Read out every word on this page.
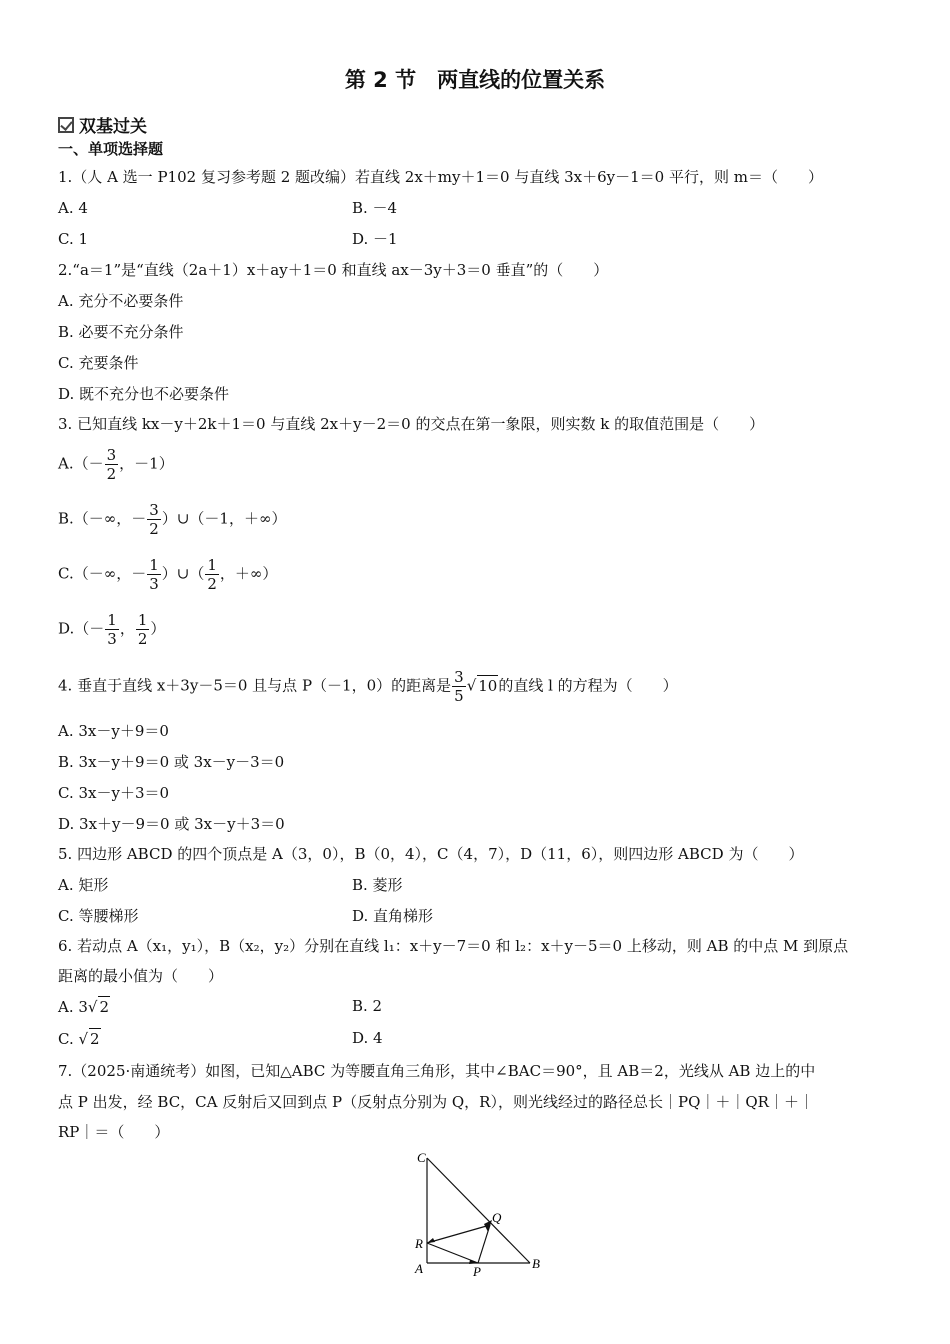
第 2 节　两直线的位置关系
双基过关
一、单项选择题
1.（人 A 选一 P102 复习参考题 2 题改编）若直线 2x＋my＋1＝0 与直线 3x＋6y－1＝0 平行，则 m＝（　　）
A. 4	B. －4
C. 1	D. －1
2.“a＝1”是“直线（2a＋1）x＋ay＋1＝0 和直线 ax－3y＋3＝0 垂直”的（　　）
A. 充分不必要条件
B. 必要不充分条件
C. 充要条件
D. 既不充分也不必要条件
3. 已知直线 kx－y＋2k＋1＝0 与直线 2x＋y－2＝0 的交点在第一象限，则实数 k 的取值范围是（　　）
$A.(- \frac{3}{2}$ ，－1）
B.（－∞，－ $\frac{3}{2}$ ）∪（－1，＋∞）
C.（－∞，－ $\frac{1}{3}$ ）∪（ $\frac{1}{2}$ ，＋∞）
$D.(- \frac{1}{3}$ ， $\frac{1}{2}$ ）
4. 垂直于直线 x＋3y－5＝0 且与点 P（－1，0）的距离是 $\frac{3}{5}$ √ 10的直线 l 的方程为（　　）
A. 3x－y＋9＝0
B. 3x－y＋9＝0 或 3x－y－3＝0
C. 3x－y＋3＝0
D. 3x＋y－9＝0 或 3x－y＋3＝0
5. 四边形 ABCD 的四个顶点是 A（3，0），B（0，4），C（4，7），D（11，6），则四边形 ABCD 为（　　）
A. 矩形	B. 菱形
C. 等腰梯形	D. 直角梯形
6. 若动点 A（x₁，y₁），B（x₂，y₂）分别在直线 l₁：x＋y－7＝0 和 l₂：x＋y－5＝0 上移动，则 AB 的中点 M 到原点
距离的最小值为（　　）
A. 3√ 2	B. 2
C. √ 2	D. 4
7.（2025·南通统考）如图，已知△ABC 为等腰直角三角形，其中∠BAC＝90°，且 AB＝2，光线从 AB 边上的中
点 P 出发，经 BC，CA 反射后又回到点 P（反射点分别为 Q，R），则光线经过的路径总长｜PQ｜＋｜QR｜＋｜
RP｜＝（　　）
C
Q
R
A	P
B
